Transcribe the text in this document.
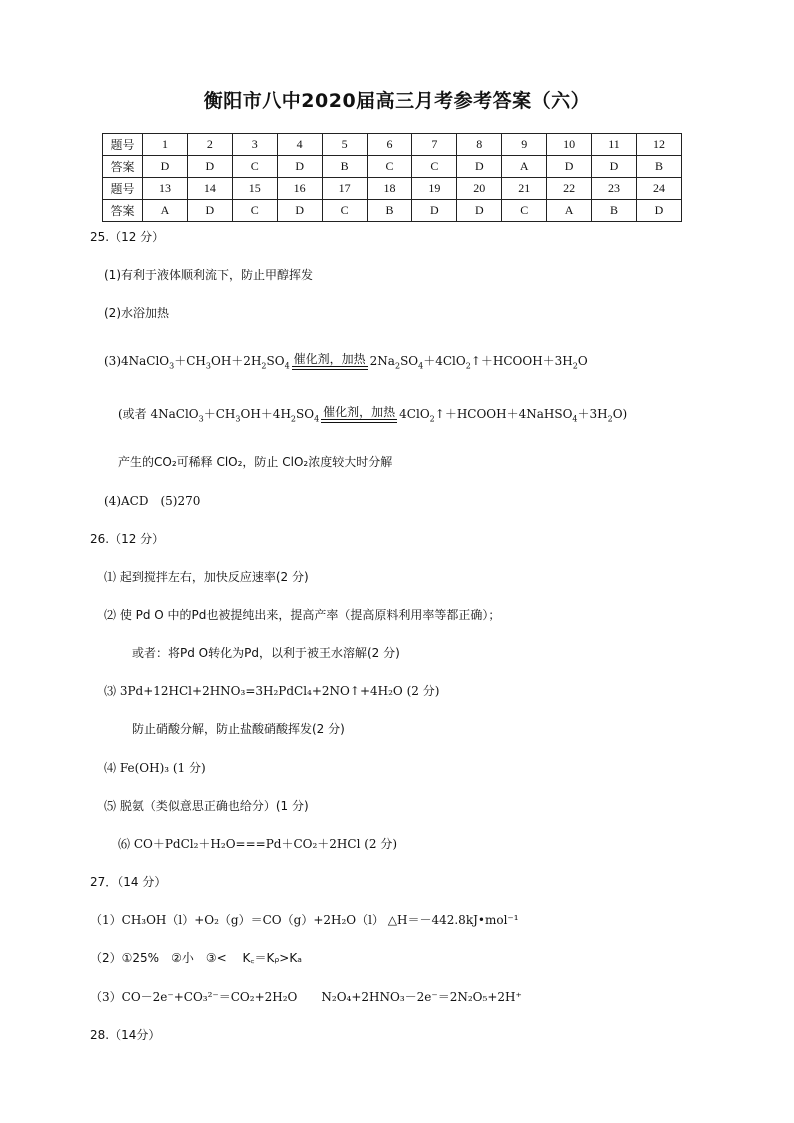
衡阳市八中2020届高三月考参考答案（六）
题号	1	2	3	4	5	6	7	8	9	10	11	12
答案	D	D	C	D	B	C	C	D	A	D	D	B
题号	13	14	15	16	17	18	19	20	21	22	23	24
答案	A	D	C	D	C	B	D	D	C	A	B	D
25.（12 分）
(1)有利于液体顺利流下，防止甲醇挥发
(2)水浴加热
$(3)4NaClO_3+CH_3OH+2H_2SO_4$ 催化剂，加热 $2Na_2SO_4+4ClO_2↑+HCOOH+3H_2O$
(或者 $4NaClO_3+CH_3OH+4H_2SO_4$ 催化剂，加热 $4ClO_2↑+HCOOH+4NaHSO_4+3H_2O$)
产生的CO₂可稀释 ClO₂，防止 ClO₂浓度较大时分解
(4)ACD　(5)270
26.（12 分）
⑴ 起到搅拌左右，加快反应速率(2 分)
⑵ 使 Pd O 中的Pd也被提纯出来，提高产率（提高原料利用率等都正确）；
或者：将Pd O转化为Pd，以利于被王水溶解(2 分)
⑶ 3Pd+12HCl+2HNO₃=3H₂PdCl₄+2NO↑+4H₂O (2 分)
防止硝酸分解，防止盐酸硝酸挥发(2 分)
⑷ Fe(OH)₃ (1 分)
⑸ 脱氨（类似意思正确也给分）(1 分)
⑹ CO＋PdCl₂＋H₂O===Pd＋CO₂＋2HCl (2 分)
27．（14 分）
（1）CH₃OH（l）+O₂（g）＝CO（g）+2H₂O（l） △H＝－442.8kJ•mol⁻¹
（2）①25%　②小　③<　 K꜀＝Kᵨ>Kₐ
（3）CO－2e⁻+CO₃²⁻＝CO₂+2H₂O　　N₂O₄+2HNO₃－2e⁻＝2N₂O₅+2H⁺
28.（14分）
